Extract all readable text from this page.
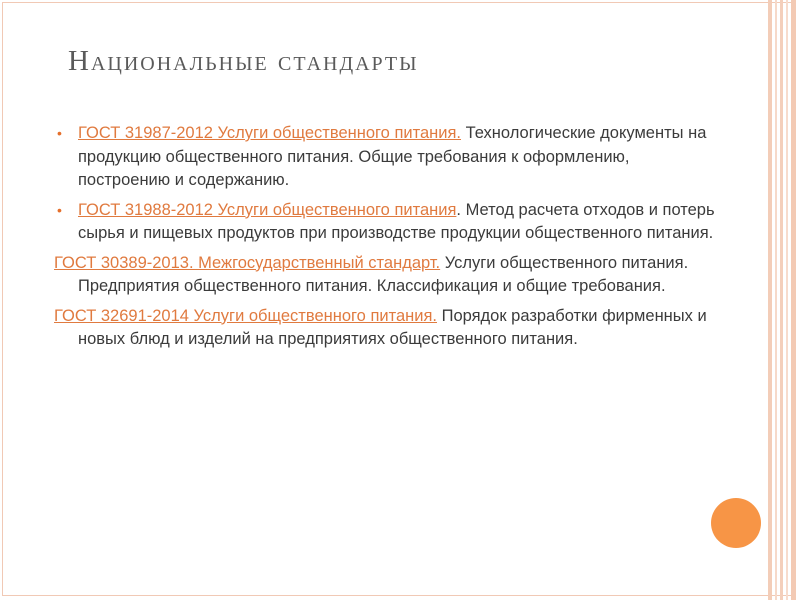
Национальные стандарты
• ГОСТ 31987-2012 Услуги общественного питания. Технологические документы на продукцию общественного питания. Общие требования к оформлению, построению и содержанию.
• ГОСТ 31988-2012 Услуги общественного питания. Метод расчета отходов и потерь сырья и пищевых продуктов при производстве продукции общественного питания.
ГОСТ 30389-2013. Межгосударственный стандарт. Услуги общественного питания. Предприятия общественного питания. Классификация и общие требования.
ГОСТ 32691-2014 Услуги общественного питания. Порядок разработки фирменных и новых блюд и изделий на предприятиях общественного питания.
